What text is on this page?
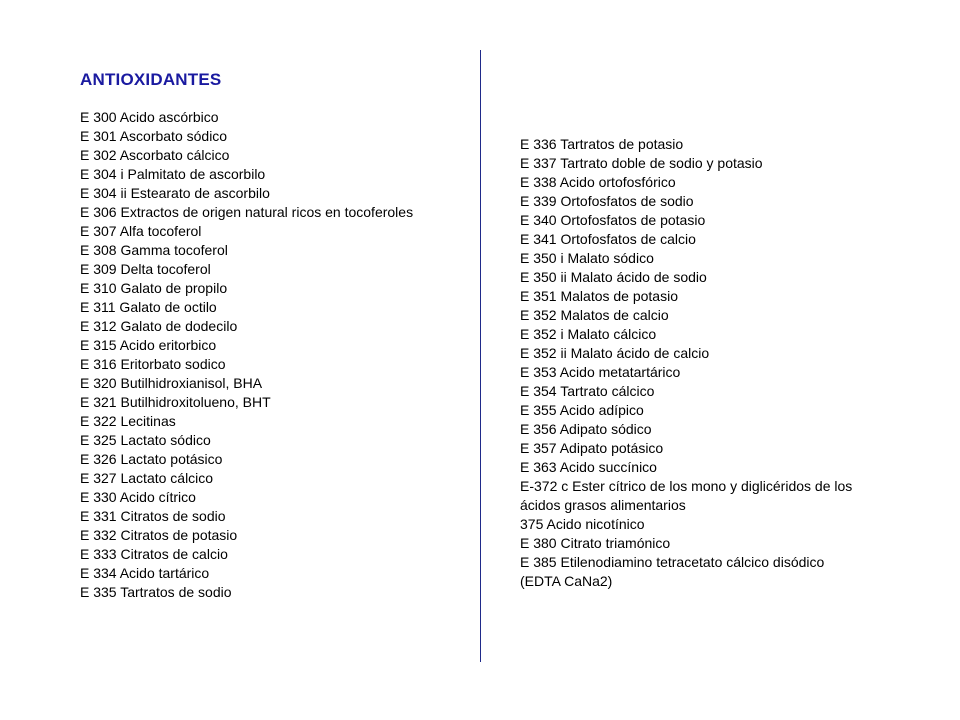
ANTIOXIDANTES
E 300 Acido ascórbico
E 301 Ascorbato sódico
E 302 Ascorbato cálcico
E 304 i Palmitato de ascorbilo
E 304 ii Estearato de ascorbilo
E 306 Extractos de origen natural ricos en tocoferoles
E 307 Alfa tocoferol
E 308 Gamma tocoferol
E 309 Delta tocoferol
E 310 Galato de propilo
E 311 Galato de octilo
E 312 Galato de dodecilo
E 315 Acido eritorbico
E 316 Eritorbato sodico
E 320 Butilhidroxianisol, BHA
E 321 Butilhidroxitolueno, BHT
E 322 Lecitinas
E 325 Lactato sódico
E 326 Lactato potásico
E 327 Lactato cálcico
E 330 Acido cítrico
E 331 Citratos de sodio
E 332 Citratos de potasio
E 333 Citratos de calcio
E 334 Acido tartárico
E 335 Tartratos de sodio
E 336 Tartratos de potasio
E 337 Tartrato doble de sodio y potasio
E 338 Acido ortofosfórico
E 339 Ortofosfatos de sodio
E 340 Ortofosfatos de potasio
E 341 Ortofosfatos de calcio
E 350 i Malato sódico
E 350 ii Malato ácido de sodio
E 351 Malatos de potasio
E 352 Malatos de calcio
E 352 i Malato cálcico
E 352 ii Malato ácido de calcio
E 353 Acido metatartárico
E 354 Tartrato cálcico
E 355 Acido adípico
E 356 Adipato sódico
E 357 Adipato potásico
E 363 Acido succínico
E-372 c Ester cítrico de los mono y diglicéridos de los
ácidos grasos alimentarios
375 Acido nicotínico
E 380 Citrato triamónico
E 385 Etilenodiamino tetracetato cálcico disódico
(EDTA CaNa2)
